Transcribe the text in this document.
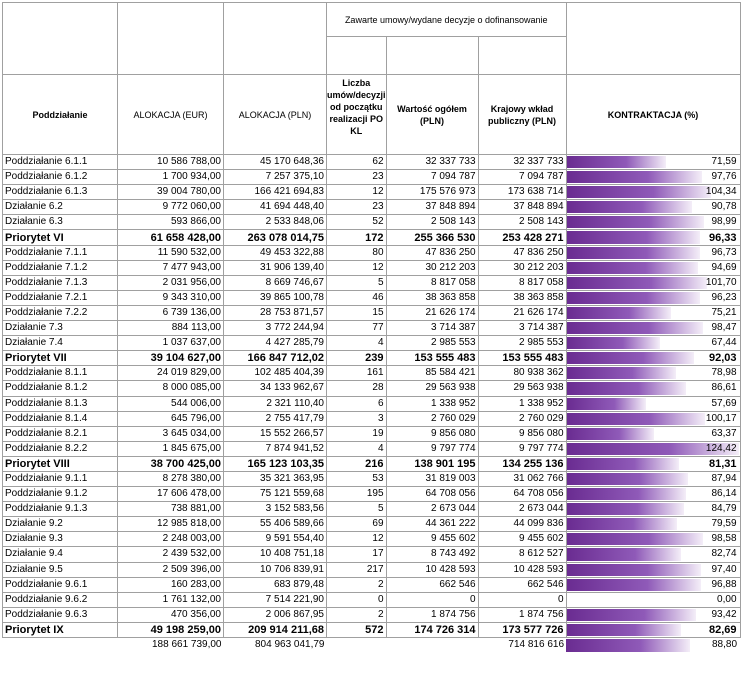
			Zawarte umowy/wydane decyzje o dofinansowanie			

Poddziałanie	ALOKACJA (EUR)	ALOKACJA (PLN)	Liczba umów/decyzji od początku realizacji PO KL	Wartość ogółem (PLN)	Krajowy wkład publiczny (PLN)	KONTRAKTACJA (%)
Poddziałanie 6.1.1	10 586 788,00	45 170 648,36	62	32 337 733	32 337 733	71,59
Poddziałanie 6.1.2	1 700 934,00	7 257 375,10	23	7 094 787	7 094 787	97,76
Poddziałanie 6.1.3	39 004 780,00	166 421 694,83	12	175 576 973	173 638 714	104,34
Działanie 6.2	9 772 060,00	41 694 448,40	23	37 848 894	37 848 894	90,78
Działanie 6.3	593 866,00	2 533 848,06	52	2 508 143	2 508 143	98,99
Priorytet VI	61 658 428,00	263 078 014,75	172	255 366 530	253 428 271	96,33
Poddziałanie 7.1.1	11 590 532,00	49 453 322,88	80	47 836 250	47 836 250	96,73
Poddziałanie 7.1.2	7 477 943,00	31 906 139,40	12	30 212 203	30 212 203	94,69
Poddziałanie 7.1.3	2 031 956,00	8 669 746,67	5	8 817 058	8 817 058	101,70
Poddziałanie 7.2.1	9 343 310,00	39 865 100,78	46	38 363 858	38 363 858	96,23
Poddziałanie 7.2.2	6 739 136,00	28 753 871,57	15	21 626 174	21 626 174	75,21
Działanie 7.3	884 113,00	3 772 244,94	77	3 714 387	3 714 387	98,47
Działanie 7.4	1 037 637,00	4 427 285,79	4	2 985 553	2 985 553	67,44
Priorytet VII	39 104 627,00	166 847 712,02	239	153 555 483	153 555 483	92,03
Poddziałanie 8.1.1	24 019 829,00	102 485 404,39	161	85 584 421	80 938 362	78,98
Poddziałanie 8.1.2	8 000 085,00	34 133 962,67	28	29 563 938	29 563 938	86,61
Poddziałanie 8.1.3	544 006,00	2 321 110,40	6	1 338 952	1 338 952	57,69
Poddziałanie 8.1.4	645 796,00	2 755 417,79	3	2 760 029	2 760 029	100,17
Poddziałanie 8.2.1	3 645 034,00	15 552 266,57	19	9 856 080	9 856 080	63,37
Poddziałanie 8.2.2	1 845 675,00	7 874 941,52	4	9 797 774	9 797 774	124,42
Priorytet VIII	38 700 425,00	165 123 103,35	216	138 901 195	134 255 136	81,31
Poddziałanie 9.1.1	8 278 380,00	35 321 363,95	53	31 819 003	31 062 766	87,94
Poddziałanie 9.1.2	17 606 478,00	75 121 559,68	195	64 708 056	64 708 056	86,14
Poddziałanie 9.1.3	738 881,00	3 152 583,56	5	2 673 044	2 673 044	84,79
Działanie 9.2	12 985 818,00	55 406 589,66	69	44 361 222	44 099 836	79,59
Działanie 9.3	2 248 003,00	9 591 554,40	12	9 455 602	9 455 602	98,58
Działanie 9.4	2 439 532,00	10 408 751,18	17	8 743 492	8 612 527	82,74
Działanie 9.5	2 509 396,00	10 706 839,91	217	10 428 593	10 428 593	97,40
Poddziałanie 9.6.1	160 283,00	683 879,48	2	662 546	662 546	96,88
Poddziałanie 9.6.2	1 761 132,00	7 514 221,90	0	0	0	0,00
Poddziałanie 9.6.3	470 356,00	2 006 867,95	2	1 874 756	1 874 756	93,42
Priorytet IX	49 198 259,00	209 914 211,68	572	174 726 314	173 577 726	82,69
	188 661 739,00	804 963 041,79			714 816 616	88,80
